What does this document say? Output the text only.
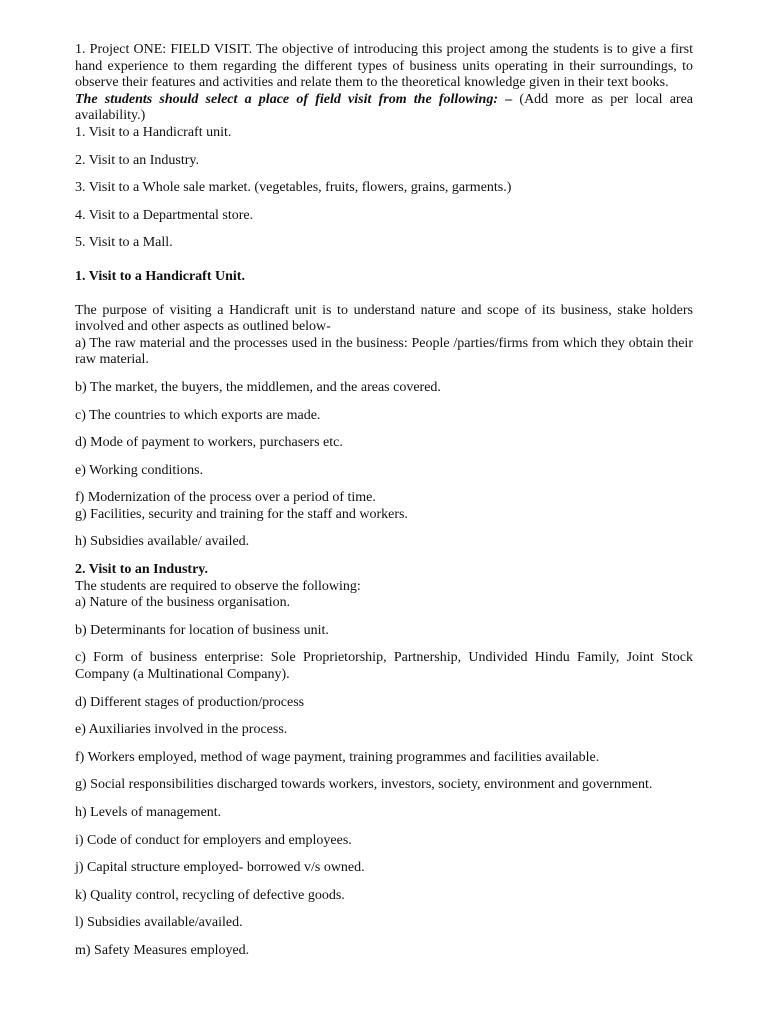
1. Project ONE: FIELD VISIT. The objective of introducing this project among the students is to give a first hand experience to them regarding the different types of business units operating in their surroundings, to observe their features and activities and relate them to the theoretical knowledge given in their text books.

The students should select a place of field visit from the following: – (Add more as per local area availability.)

1. Visit to a Handicraft unit.

2. Visit to an Industry.

3. Visit to a Whole sale market. (vegetables, fruits, flowers, grains, garments.)

4. Visit to a Departmental store.

5. Visit to a Mall.

1. Visit to a Handicraft Unit.

The purpose of visiting a Handicraft unit is to understand nature and scope of its business, stake holders involved and other aspects as outlined below-

a) The raw material and the processes used in the business: People /parties/firms from which they obtain their raw material.

b) The market, the buyers, the middlemen, and the areas covered.

c) The countries to which exports are made.

d) Mode of payment to workers, purchasers etc.

e) Working conditions.

f) Modernization of the process over a period of time.

g) Facilities, security and training for the staff and workers.

h) Subsidies available/ availed.

2. Visit to an Industry.

The students are required to observe the following:

a) Nature of the business organisation.

b) Determinants for location of business unit.

c) Form of business enterprise: Sole Proprietorship, Partnership, Undivided Hindu Family, Joint Stock Company (a Multinational Company).

d) Different stages of production/process

e) Auxiliaries involved in the process.

f) Workers employed, method of wage payment, training programmes and facilities available.

g) Social responsibilities discharged towards workers, investors, society, environment and government.

h) Levels of management.

i) Code of conduct for employers and employees.

j) Capital structure employed- borrowed v/s owned.

k) Quality control, recycling of defective goods.

l) Subsidies available/availed.

m) Safety Measures employed.
